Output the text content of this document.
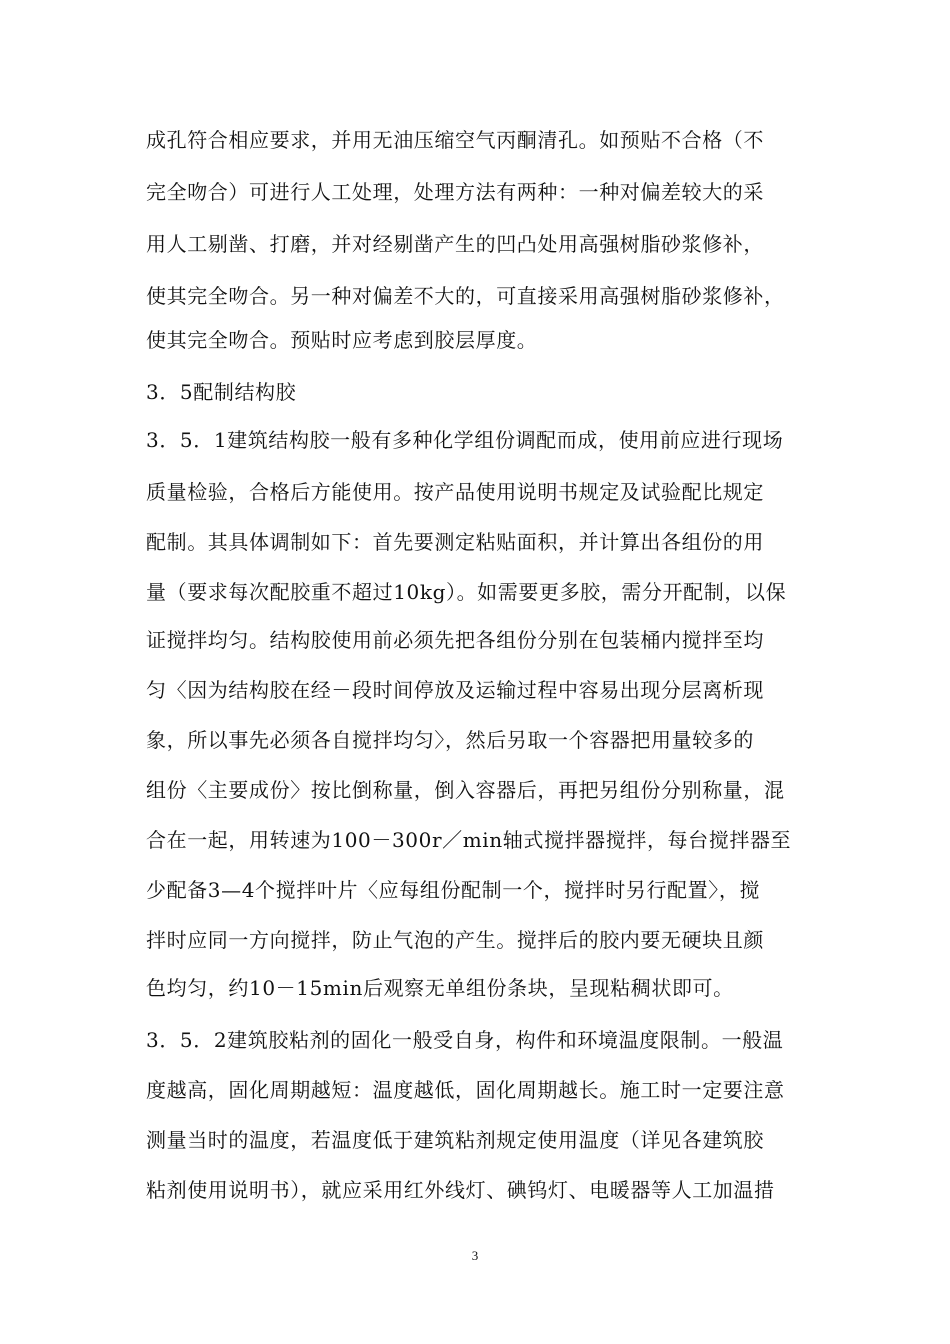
成孔符合相应要求，并用无油压缩空气丙酮清孔。如预贴不合格（不
完全吻合）可进行人工处理，处理方法有两种：一种对偏差较大的采
用人工剔凿、打磨，并对经剔凿产生的凹凸处用高强树脂砂浆修补，
使其完全吻合。另一种对偏差不大的，可直接采用高强树脂砂浆修补，
使其完全吻合。预贴时应考虑到胶层厚度。
3．5配制结构胶
3．5．1建筑结构胶一般有多种化学组份调配而成，使用前应进行现场
质量检验，合格后方能使用。按产品使用说明书规定及试验配比规定
配制。其具体调制如下：首先要测定粘贴面积，并计算出各组份的用
量（要求每次配胶重不超过10kg）。如需要更多胶，需分开配制，以保
证搅拌均匀。结构胶使用前必须先把各组份分别在包装桶内搅拌至均
匀〈因为结构胶在经－段时间停放及运输过程中容易出现分层离析现
象，所以事先必须各自搅拌均匀〉，然后另取一个容器把用量较多的
组份〈主要成份〉按比倒称量，倒入容器后，再把另组份分别称量，混
合在一起，用转速为100－300r／min轴式搅拌器搅拌，每台搅拌器至
少配备3—4个搅拌叶片〈应每组份配制一个，搅拌时另行配置〉，搅
拌时应同一方向搅拌，防止气泡的产生。搅拌后的胶内要无硬块且颜
色均匀，约10－15min后观察无单组份条块，呈现粘稠状即可。
3．5．2建筑胶粘剂的固化一般受自身，构件和环境温度限制。一般温
度越高，固化周期越短：温度越低，固化周期越长。施工时一定要注意
测量当时的温度，若温度低于建筑粘剂规定使用温度（详见各建筑胶
粘剂使用说明书），就应采用红外线灯、碘钨灯、电暖器等人工加温措
3
